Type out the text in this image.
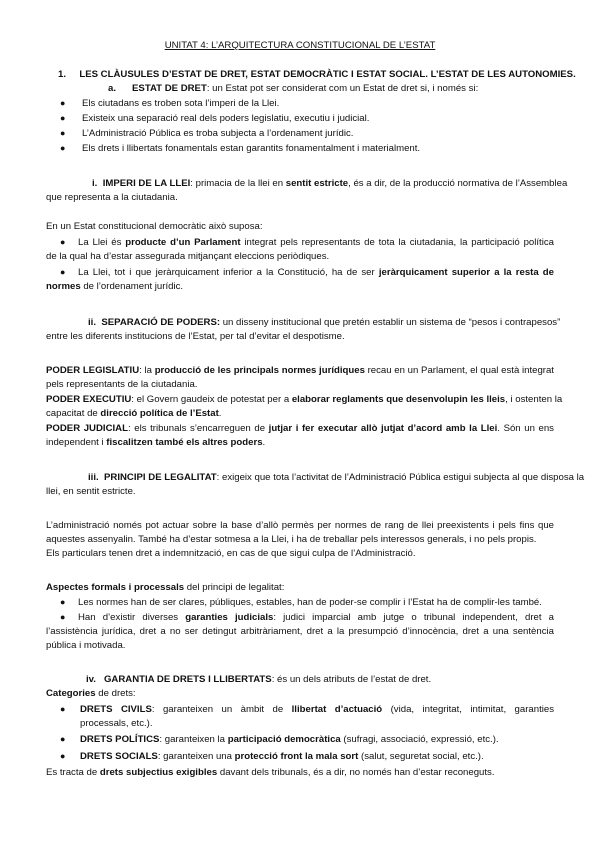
UNITAT 4: L’ARQUITECTURA CONSTITUCIONAL DE L’ESTAT
1. LES CLÀUSULES D’ESTAT DE DRET, ESTAT DEMOCRÀTIC I ESTAT SOCIAL. L’ESTAT DE LES AUTONOMIES.
a. ESTAT DE DRET: un Estat pot ser considerat com un Estat de dret si, i només si:
● Els ciutadans es troben sota l’imperi de la Llei.
● Existeix una separació real dels poders legislatiu, executiu i judicial.
● L’Administració Pública es troba subjecta a l’ordenament jurídic.
● Els drets i llibertats fonamentals estan garantits fonamentalment i materialment.
i. IMPERI DE LA LLEI: primacia de la llei en sentit estricte, és a dir, de la producció normativa de l’Assemblea
que representa a la ciutadania.
En un Estat constitucional democràtic això suposa:
● La Llei és producte d’un Parlament integrat pels representants de tota la ciutadania, la participació política
de la qual ha d’estar assegurada mitjançant eleccions periòdiques.
● La Llei, tot i que jeràrquicament inferior a la Constitució, ha de ser jeràrquicament superior a la resta de
normes de l’ordenament jurídic.
ii. SEPARACIÓ DE PODERS: un disseny institucional que pretén establir un sistema de “pesos i contrapesos”
entre les diferents institucions de l’Estat, per tal d’evitar el despotisme.
PODER LEGISLATIU: la producció de les principals normes jurídiques recau en un Parlament, el qual està integrat
pels representants de la ciutadania.
PODER EXECUTIU: el Govern gaudeix de potestat per a elaborar reglaments que desenvolupin les lleis, i ostenten la
capacitat de direcció política de l’Estat.
PODER JUDICIAL: els tribunals s’encarreguen de jutjar i fer executar allò jutjat d’acord amb la Llei. Són un ens
independent i fiscalitzen també els altres poders.
iii. PRINCIPI DE LEGALITAT: exigeix que tota l’activitat de l’Administració Pública estigui subjecta al que disposa la
llei, en sentit estricte.
L’administració només pot actuar sobre la base d’allò permès per normes de rang de llei preexistents i pels fins que
aquestes assenyalin. També ha d’estar sotmesa a la Llei, i ha de treballar pels interessos generals, i no pels propis.
Els particulars tenen dret a indemnització, en cas de que sigui culpa de l’Administració.
Aspectes formals i processals del principi de legalitat:
● Les normes han de ser clares, públiques, estables, han de poder-se complir i l’Estat ha de complir-les també.
● Han d’existir diverses garanties judicials: judici imparcial amb jutge o tribunal independent, dret a
l’assistència jurídica, dret a no ser detingut arbitràriament, dret a la presumpció d’innocència, dret a una sentència
pública i motivada.
iv. GARANTIA DE DRETS I LLIBERTATS: és un dels atributs de l’estat de dret.
Categories de drets:
● DRETS CIVILS: garanteixen un àmbit de llibertat d’actuació (vida, integritat, intimitat, garanties
processals, etc.).
● DRETS POLÍTICS: garanteixen la participació democràtica (sufragi, associació, expressió, etc.).
● DRETS SOCIALS: garanteixen una protecció front la mala sort (salut, seguretat social, etc.).
Es tracta de drets subjectius exigibles davant dels tribunals, és a dir, no només han d’estar reconeguts.
